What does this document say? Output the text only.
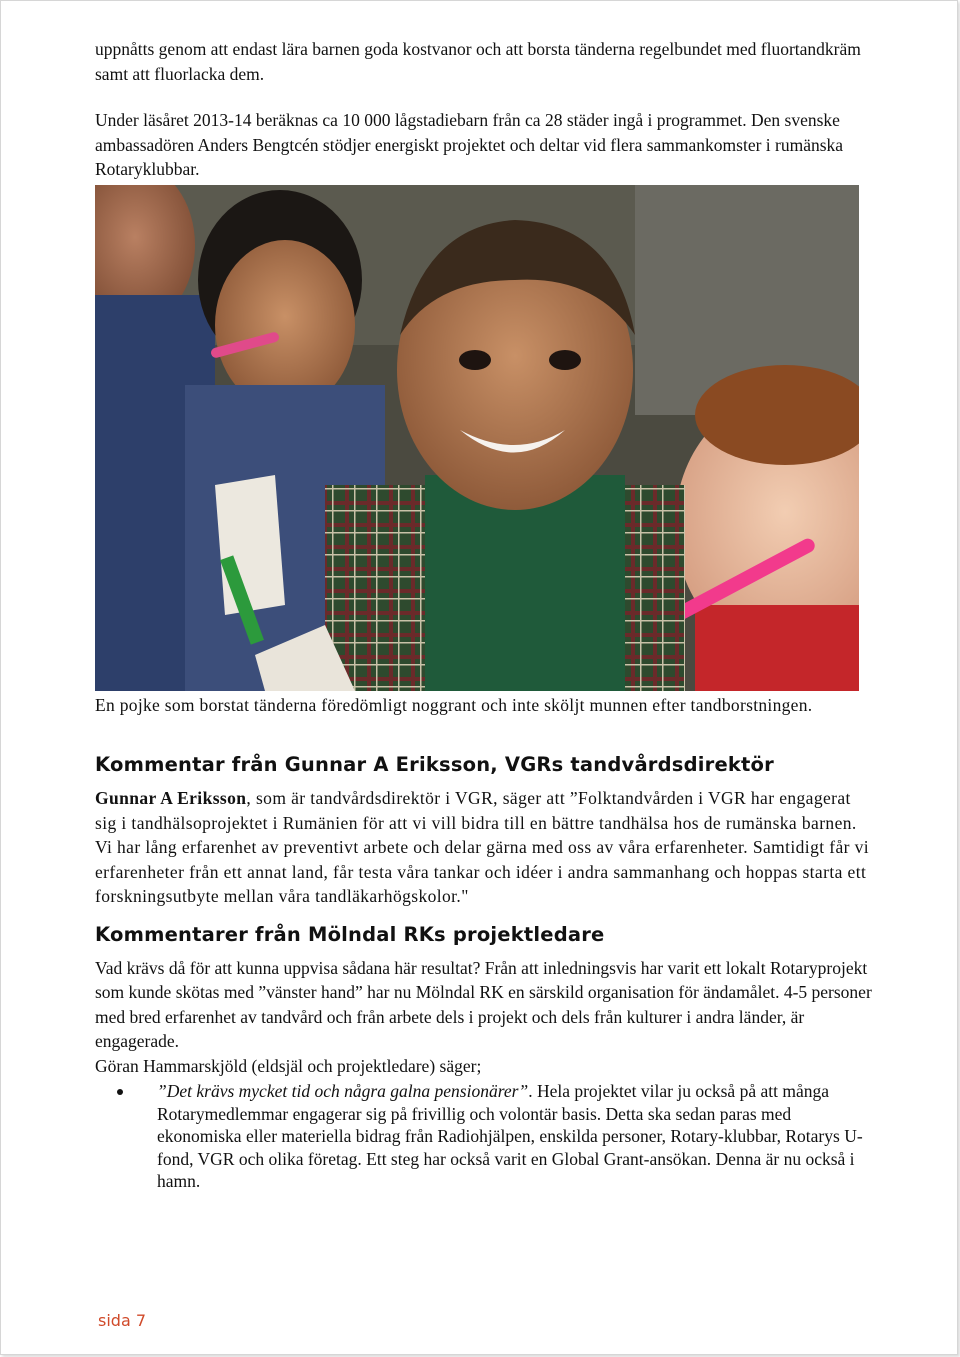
uppnåtts genom att endast lära barnen goda kostvanor och att borsta tänderna regelbundet med fluortandkräm samt att fluorlacka dem.

Under läsåret 2013-14 beräknas ca 10 000 lågstadiebarn från ca 28 städer ingå i programmet. Den svenske ambassadören Anders Bengtcén stödjer energiskt projektet och deltar vid flera sammankomster i rumänska Rotaryklubbar.

En pojke som borstat tänderna föredömligt noggrant och inte sköljt munnen efter tandborstningen.

Kommentar från Gunnar A Eriksson, VGRs tandvårdsdirektör

Gunnar A Eriksson, som är tandvårdsdirektör i VGR, säger att ”Folktandvården i VGR har engagerat sig i tandhälsoprojektet i Rumänien för att vi vill bidra till en bättre tandhälsa hos de rumänska barnen. Vi har lång erfarenhet av preventivt arbete och delar gärna med oss av våra erfarenheter. Samtidigt får vi erfarenheter från ett annat land, får testa våra tankar och idéer i andra sammanhang och hoppas starta ett forskningsutbyte mellan våra tandläkarhögskolor."

Kommentarer från Mölndal RKs projektledare

Vad krävs då för att kunna uppvisa sådana här resultat? Från att inledningsvis har varit ett lokalt Rotaryprojekt som kunde skötas med ”vänster hand” har nu Mölndal RK en särskild organisation för ändamålet. 4-5 personer med bred erfarenhet av tandvård och från arbete dels i projekt och dels från kulturer i andra länder, är engagerade.

Göran Hammarskjöld (eldsjäl och projektledare) säger;

”Det krävs mycket tid och några galna pensionärer”. Hela projektet vilar ju också på att många Rotarymedlemmar engagerar sig på frivillig och volontär basis. Detta ska sedan paras med ekonomiska eller materiella bidrag från Radiohjälpen, enskilda personer, Rotary-klubbar, Rotarys U-fond, VGR och olika företag. Ett steg har också varit en Global Grant-ansökan. Denna är nu också i hamn.
sida 7
